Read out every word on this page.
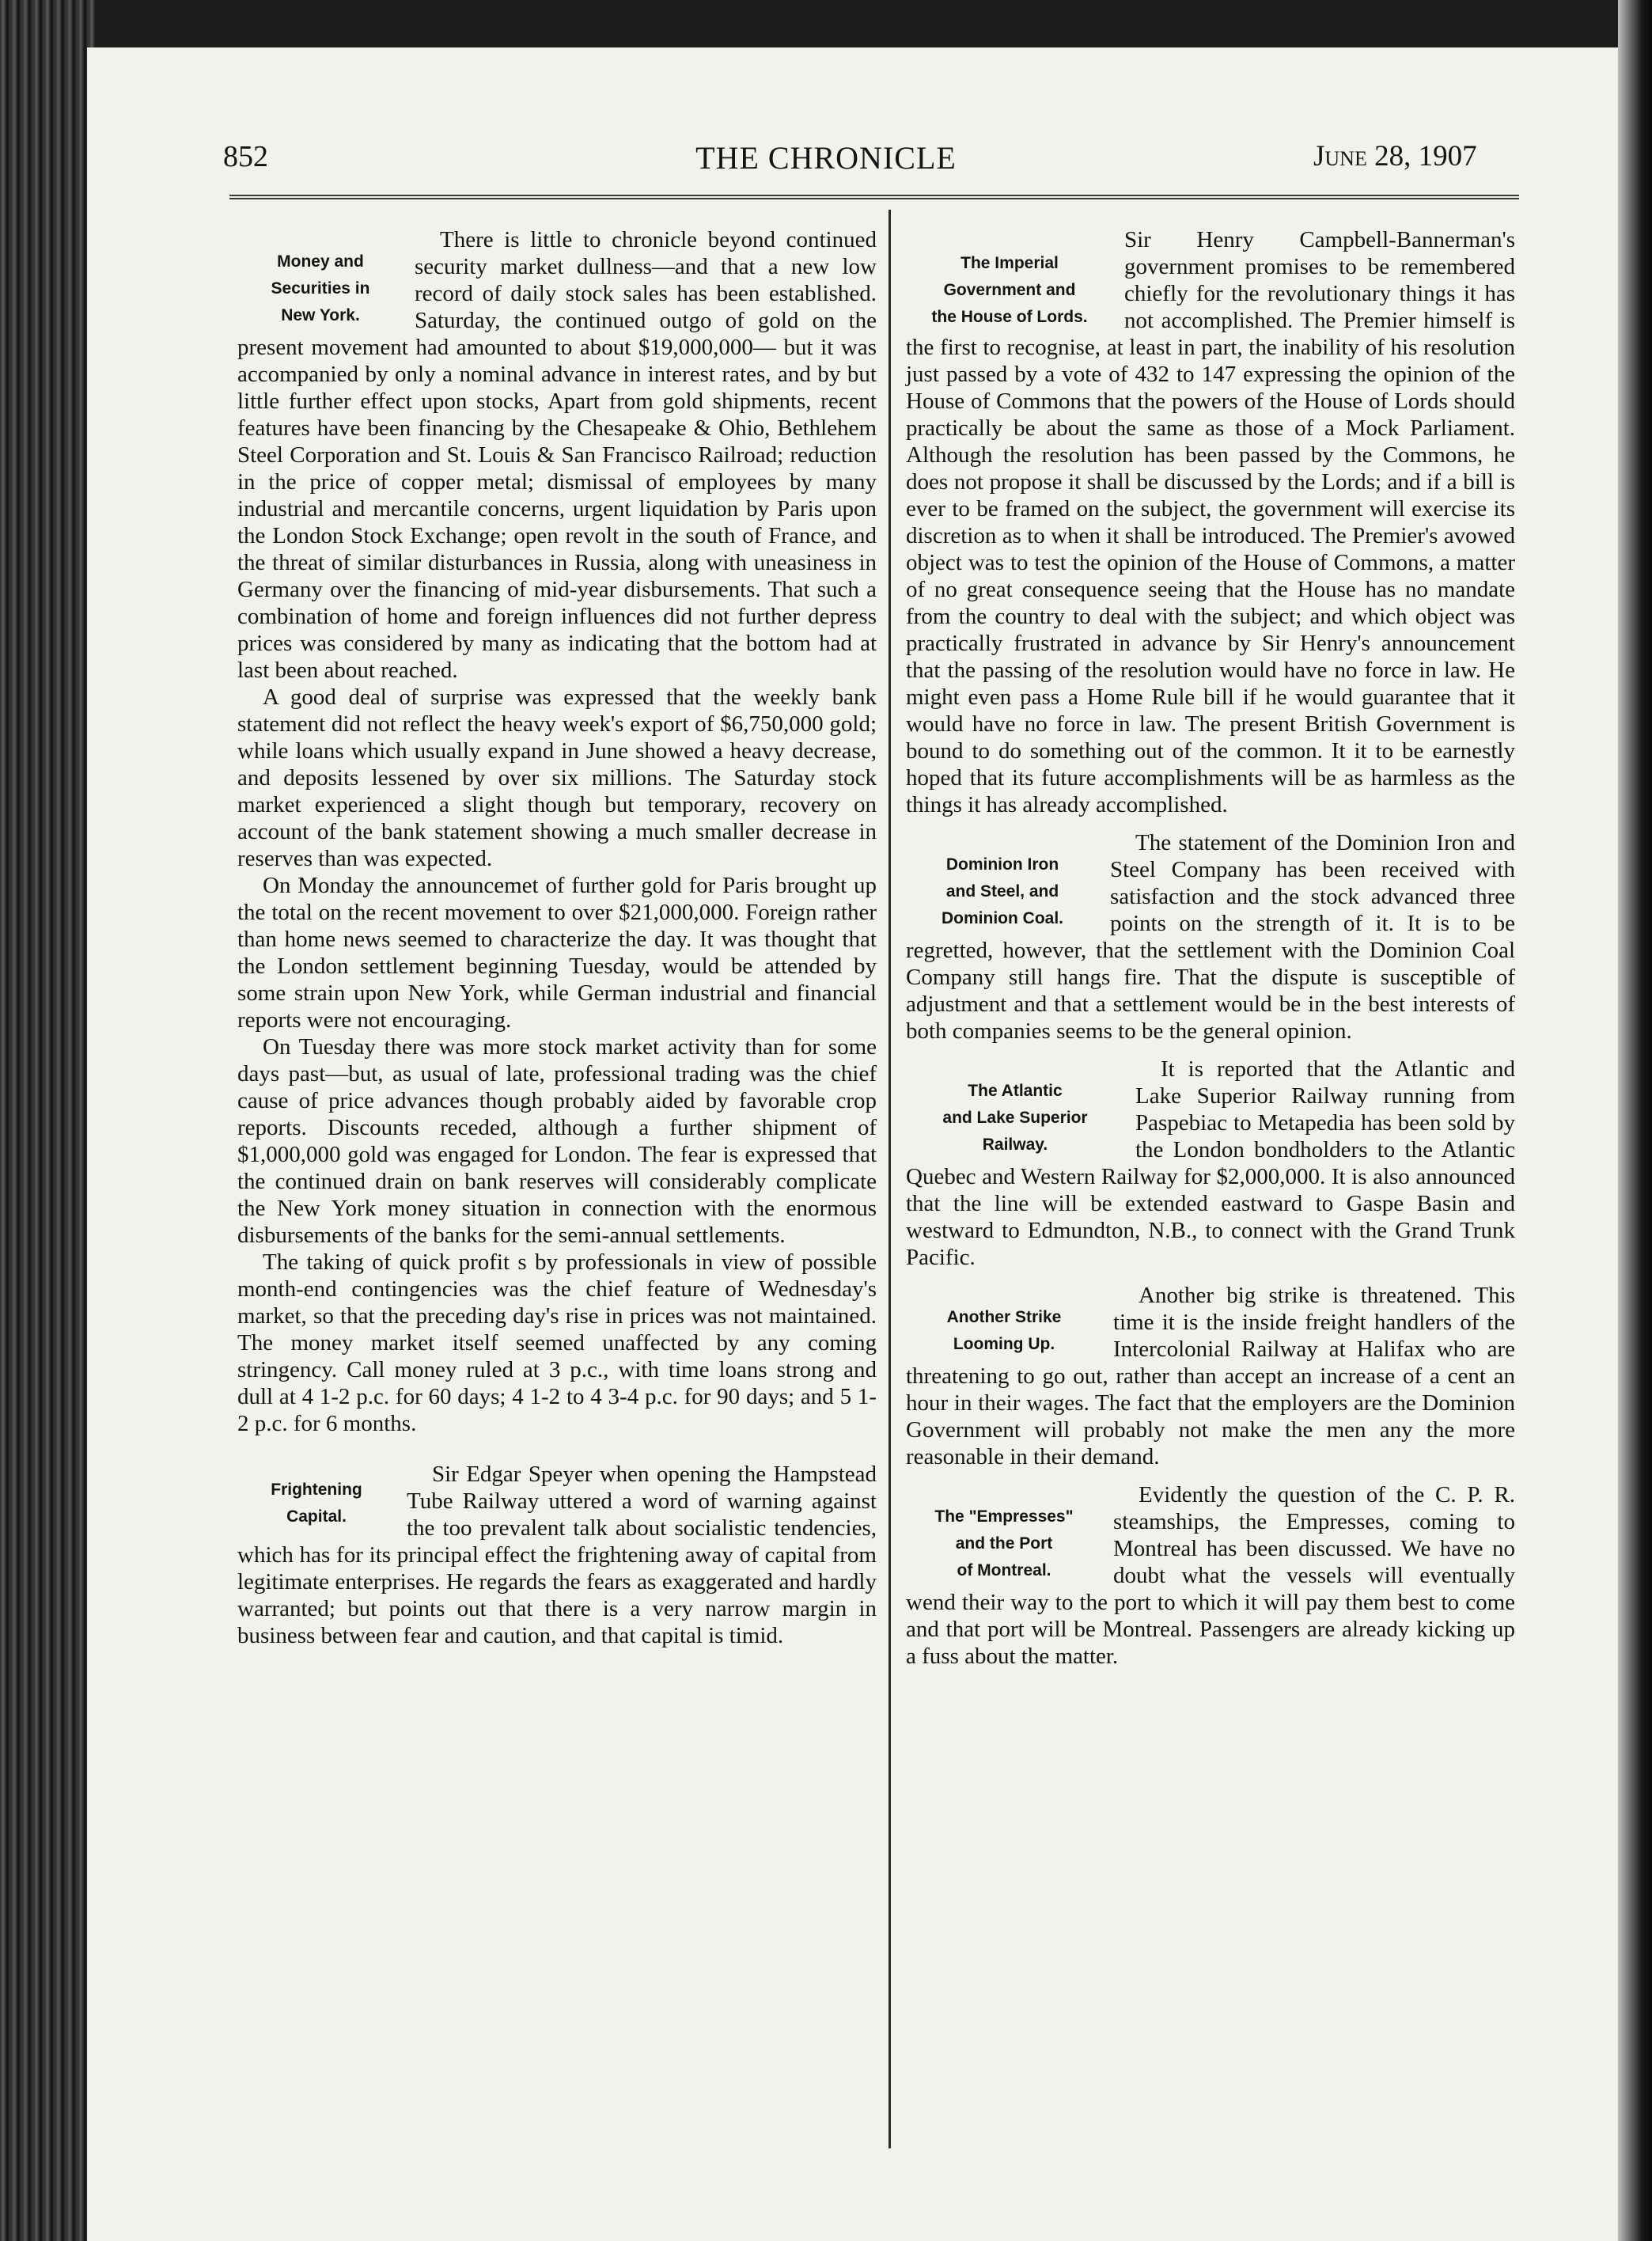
852	THE CHRONICLE	June 28, 1907
Money and
Securities in
New York.

There is little to chronicle beyond continued security market dullness—and that a new low record of daily stock sales has been established. Saturday, the continued outgo of gold on the present movement had amounted to about $19,000,000— but it was accompanied by only a nominal advance in interest rates, and by but little further effect upon stocks, Apart from gold shipments, recent features have been financing by the Chesapeake & Ohio, Bethlehem Steel Corporation and St. Louis & San Francisco Railroad; reduction in the price of copper metal; dismissal of employees by many industrial and mercantile concerns, urgent liquidation by Paris upon the London Stock Exchange; open revolt in the south of France, and the threat of similar disturbances in Russia, along with uneasiness in Germany over the financing of mid-year disbursements. That such a combination of home and foreign influences did not further depress prices was considered by many as indicating that the bottom had at last been about reached.

A good deal of surprise was expressed that the weekly bank statement did not reflect the heavy week's export of $6,750,000 gold; while loans which usually expand in June showed a heavy decrease, and deposits lessened by over six millions. The Saturday stock market experienced a slight though but temporary, recovery on account of the bank statement showing a much smaller decrease in reserves than was expected.

On Monday the announcemet of further gold for Paris brought up the total on the recent movement to over $21,000,000. Foreign rather than home news seemed to characterize the day. It was thought that the London settlement beginning Tuesday, would be attended by some strain upon New York, while German industrial and financial reports were not encouraging.

On Tuesday there was more stock market activity than for some days past—but, as usual of late, professional trading was the chief cause of price advances though probably aided by favorable crop reports. Discounts receded, although a further shipment of $1,000,000 gold was engaged for London. The fear is expressed that the continued drain on bank reserves will considerably complicate the New York money situation in connection with the enormous disbursements of the banks for the semi-annual settlements.

The taking of quick profit s by professionals in view of possible month-end contingencies was the chief feature of Wednesday's market, so that the preceding day's rise in prices was not maintained. The money market itself seemed unaffected by any coming stringency. Call money ruled at 3 p.c., with time loans strong and dull at 4 1-2 p.c. for 60 days; 4 1-2 to 4 3-4 p.c. for 90 days; and 5 1-2 p.c. for 6 months.

Frightening
Capital.

Sir Edgar Speyer when opening the Hampstead Tube Railway uttered a word of warning against the too prevalent talk about socialistic tendencies, which has for its principal effect the frightening away of capital from legitimate enterprises. He regards the fears as exaggerated and hardly warranted; but points out that there is a very narrow margin in business between fear and caution, and that capital is timid.

The Imperial
Government and
the House of Lords.

Sir Henry Campbell-Bannerman's government promises to be remembered chiefly for the revolutionary things it has not accomplished. The Premier himself is the first to recognise, at least in part, the inability of his resolution just passed by a vote of 432 to 147 expressing the opinion of the House of Commons that the powers of the House of Lords should practically be about the same as those of a Mock Parliament. Although the resolution has been passed by the Commons, he does not propose it shall be discussed by the Lords; and if a bill is ever to be framed on the subject, the government will exercise its discretion as to when it shall be introduced. The Premier's avowed object was to test the opinion of the House of Commons, a matter of no great consequence seeing that the House has no mandate from the country to deal with the subject; and which object was practically frustrated in advance by Sir Henry's announcement that the passing of the resolution would have no force in law. He might even pass a Home Rule bill if he would guarantee that it would have no force in law. The present British Government is bound to do something out of the common. It it to be earnestly hoped that its future accomplishments will be as harmless as the things it has already accomplished.

Dominion Iron
and Steel, and
Dominion Coal.

The statement of the Dominion Iron and Steel Company has been received with satisfaction and the stock advanced three points on the strength of it. It is to be regretted, however, that the settlement with the Dominion Coal Company still hangs fire. That the dispute is susceptible of adjustment and that a settlement would be in the best interests of both companies seems to be the general opinion.

The Atlantic
and Lake Superior
Railway.

It is reported that the Atlantic and Lake Superior Railway running from Paspebiac to Metapedia has been sold by the London bondholders to the Atlantic Quebec and Western Railway for $2,000,000. It is also announced that the line will be extended eastward to Gaspe Basin and westward to Edmundton, N.B., to connect with the Grand Trunk Pacific.

Another Strike
Looming Up.

Another big strike is threatened. This time it is the inside freight handlers of the Intercolonial Railway at Halifax who are threatening to go out, rather than accept an increase of a cent an hour in their wages. The fact that the employers are the Dominion Government will probably not make the men any the more reasonable in their demand.

The "Empresses"
and the Port
of Montreal.

Evidently the question of the C. P. R. steamships, the Empresses, coming to Montreal has been discussed. We have no doubt what the vessels will eventually wend their way to the port to which it will pay them best to come and that port will be Montreal. Passengers are already kicking up a fuss about the matter.
